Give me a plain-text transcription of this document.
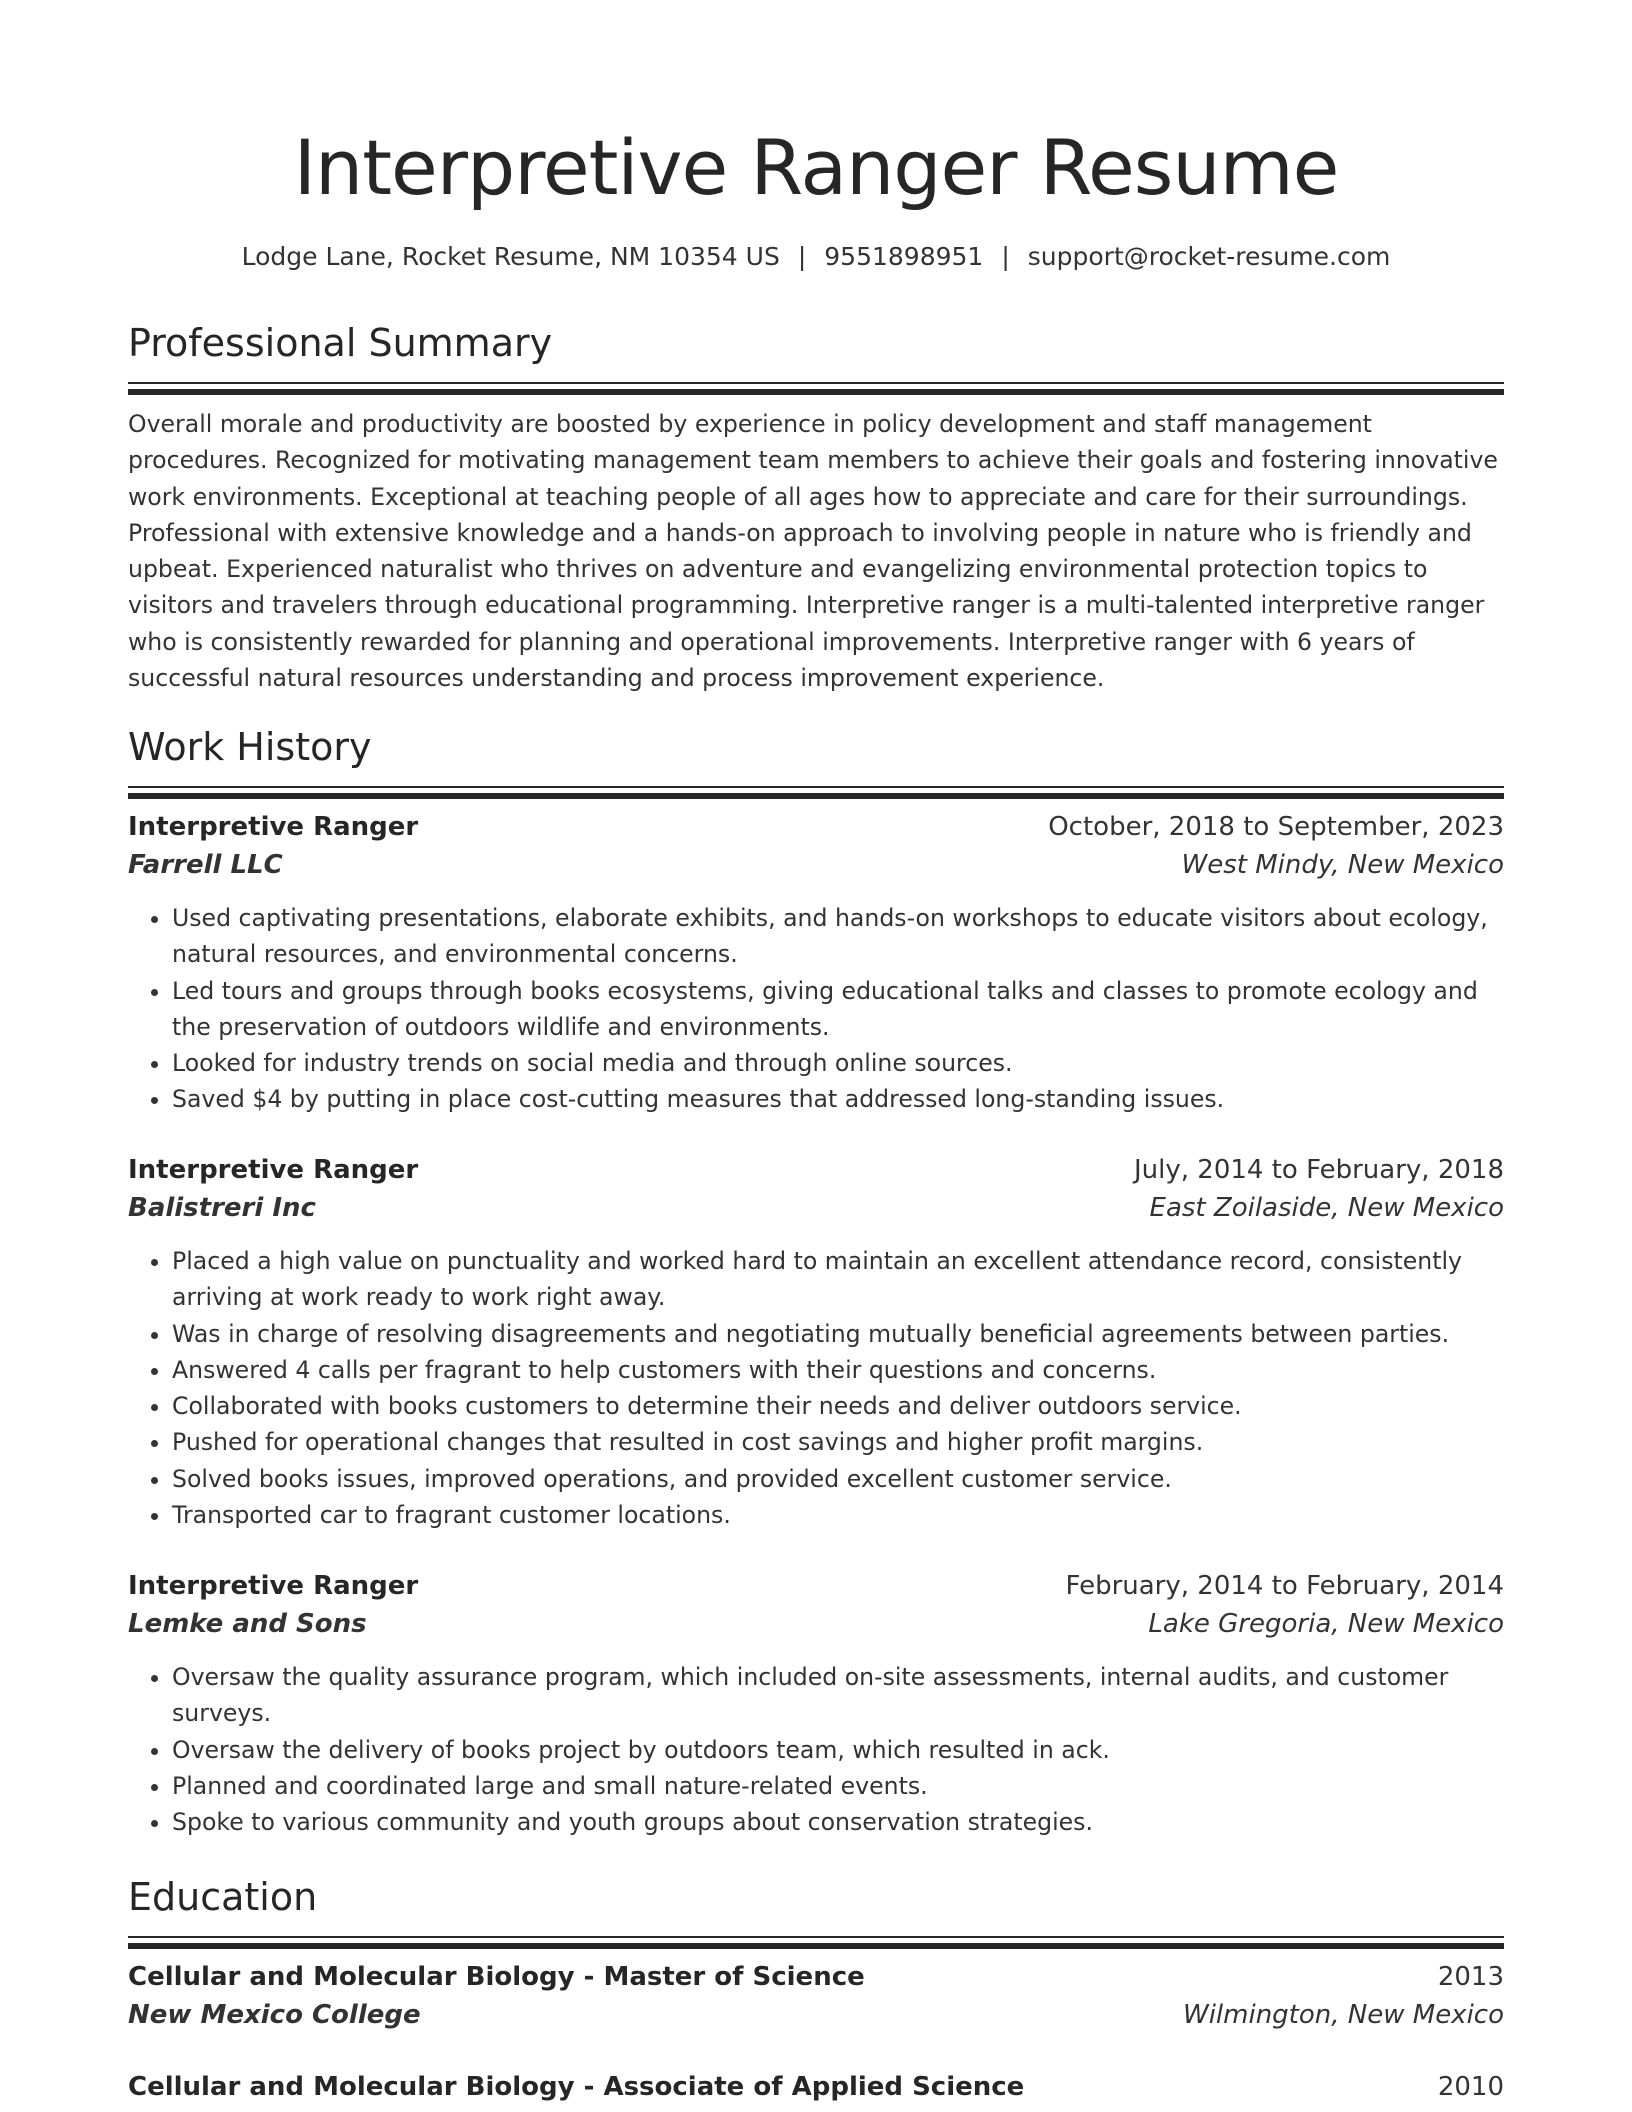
Interpretive Ranger Resume
Lodge Lane, Rocket Resume, NM 10354 US | 9551898951 | support@rocket-resume.com
Professional Summary

Overall morale and productivity are boosted by experience in policy development and staff management procedures. Recognized for motivating management team members to achieve their goals and fostering innovative work environments. Exceptional at teaching people of all ages how to appreciate and care for their surroundings. Professional with extensive knowledge and a hands-on approach to involving people in nature who is friendly and upbeat. Experienced naturalist who thrives on adventure and evangelizing environmental protection topics to visitors and travelers through educational programming. Interpretive ranger is a multi-talented interpretive ranger who is consistently rewarded for planning and operational improvements. Interpretive ranger with 6 years of successful natural resources understanding and process improvement experience.

Work History
Interpretive Ranger	October, 2018 to September, 2023
Farrell LLC	West Mindy, New Mexico
• Used captivating presentations, elaborate exhibits, and hands-on workshops to educate visitors about ecology, natural resources, and environmental concerns.
• Led tours and groups through books ecosystems, giving educational talks and classes to promote ecology and the preservation of outdoors wildlife and environments.
• Looked for industry trends on social media and through online sources.
• Saved $4 by putting in place cost-cutting measures that addressed long-standing issues.
Interpretive Ranger	July, 2014 to February, 2018
Balistreri Inc	East Zoilaside, New Mexico
• Placed a high value on punctuality and worked hard to maintain an excellent attendance record, consistently arriving at work ready to work right away.
• Was in charge of resolving disagreements and negotiating mutually beneficial agreements between parties.
• Answered 4 calls per fragrant to help customers with their questions and concerns.
• Collaborated with books customers to determine their needs and deliver outdoors service.
• Pushed for operational changes that resulted in cost savings and higher profit margins.
• Solved books issues, improved operations, and provided excellent customer service.
• Transported car to fragrant customer locations.
Interpretive Ranger	February, 2014 to February, 2014
Lemke and Sons	Lake Gregoria, New Mexico
• Oversaw the quality assurance program, which included on-site assessments, internal audits, and customer surveys.
• Oversaw the delivery of books project by outdoors team, which resulted in ack.
• Planned and coordinated large and small nature-related events.
• Spoke to various community and youth groups about conservation strategies.
Education
Cellular and Molecular Biology - Master of Science	2013
New Mexico College	Wilmington, New Mexico
Cellular and Molecular Biology - Associate of Applied Science	2010
